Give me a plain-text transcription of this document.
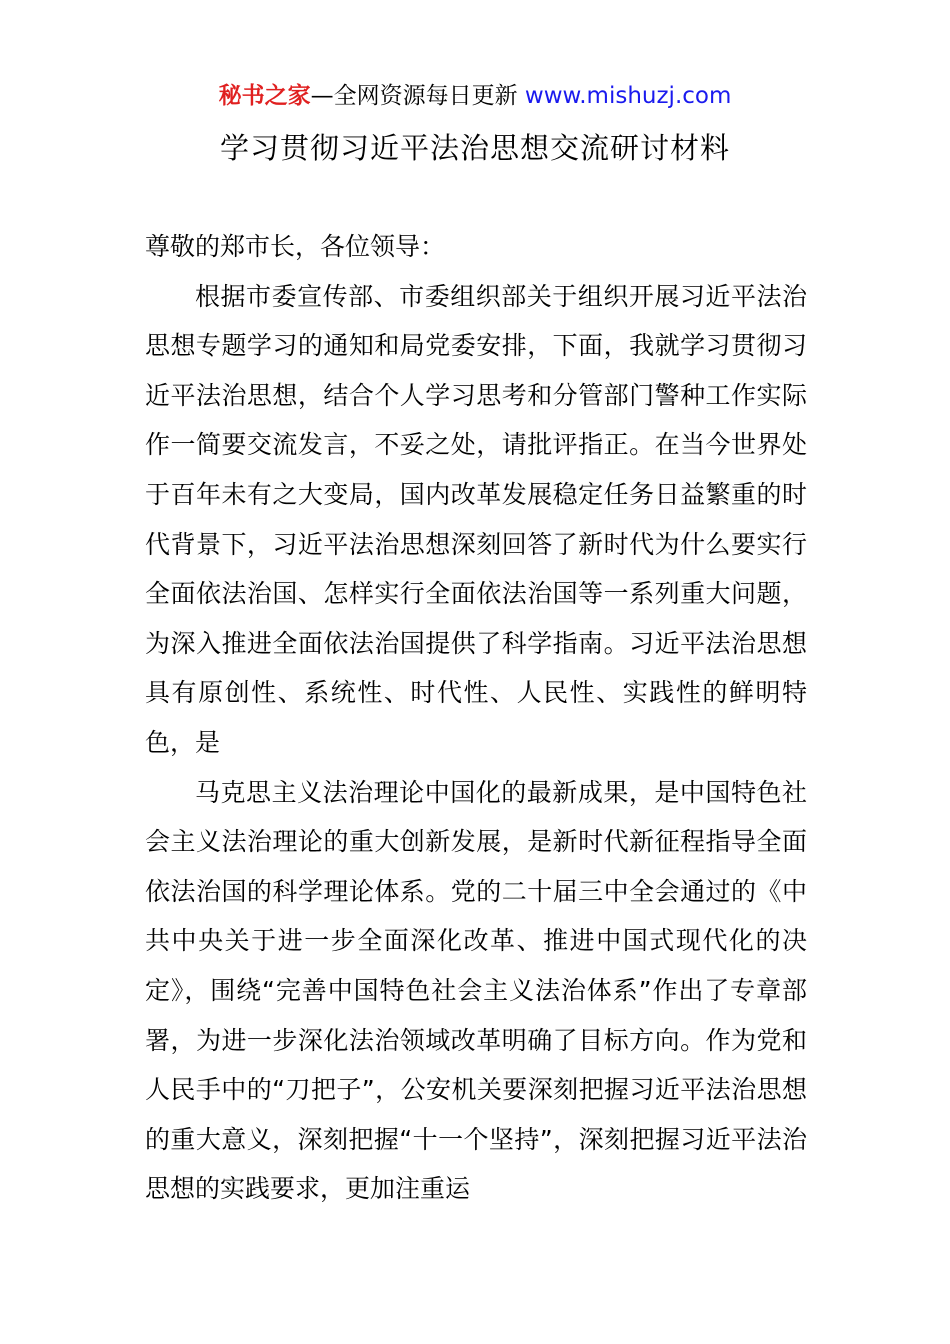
秘书之家—全网资源每日更新 www.mishuzj.com
学习贯彻习近平法治思想交流研讨材料

尊敬的郑市长，各位领导：

根据市委宣传部、市委组织部关于组织开展习近平法治思想专题学习的通知和局党委安排，下面，我就学习贯彻习近平法治思想，结合个人学习思考和分管部门警种工作实际作一简要交流发言，不妥之处，请批评指正。在当今世界处于百年未有之大变局，国内改革发展稳定任务日益繁重的时代背景下，习近平法治思想深刻回答了新时代为什么要实行全面依法治国、怎样实行全面依法治国等一系列重大问题，为深入推进全面依法治国提供了科学指南。习近平法治思想具有原创性、系统性、时代性、人民性、实践性的鲜明特色，是

马克思主义法治理论中国化的最新成果，是中国特色社会主义法治理论的重大创新发展，是新时代新征程指导全面依法治国的科学理论体系。党的二十届三中全会通过的《中共中央关于进一步全面深化改革、推进中国式现代化的决定》，围绕“完善中国特色社会主义法治体系”作出了专章部署，为进一步深化法治领域改革明确了目标方向。作为党和人民手中的“刀把子”，公安机关要深刻把握习近平法治思想的重大意义，深刻把握“十一个坚持”，深刻把握习近平法治思想的实践要求，更加注重运
